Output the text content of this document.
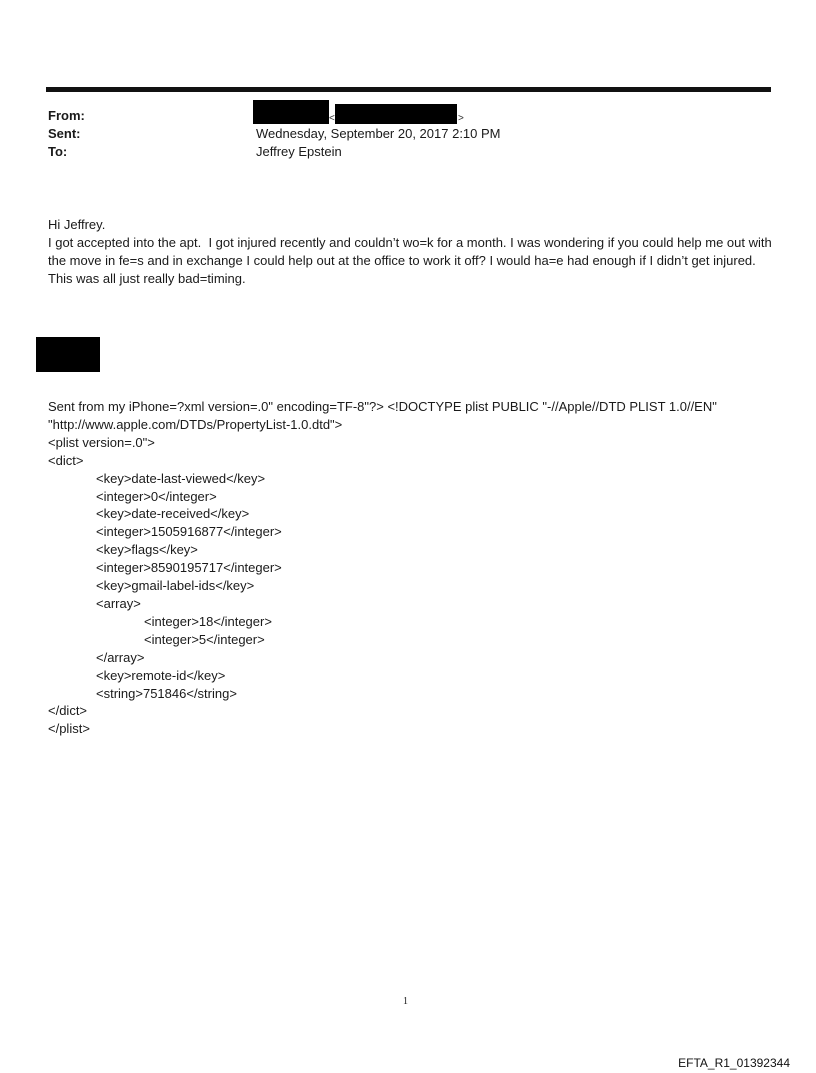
From:
Sent:
To:
<	>
Wednesday, September 20, 2017 2:10 PM
Jeffrey Epstein

Hi Jeffrey.

I got accepted into the apt.  I got injured recently and couldn’t wo=k for a month. I was wondering if you could help me out with the move in fe=s and in exchange I could help out at the office to work it off? I would ha=e had enough if I didn’t get injured.  This was all just really bad=timing.

Sent from my iPhone=?xml version=.0" encoding=TF-8"?> <!DOCTYPE plist PUBLIC "-//Apple//DTD PLIST 1.0//EN"
"http://www.apple.com/DTDs/PropertyList-1.0.dtd">
<plist version=.0">
<dict>
<key>date-last-viewed</key>
<integer>0</integer>
<key>date-received</key>
<integer>1505916877</integer>
<key>flags</key>
<integer>8590195717</integer>
<key>gmail-label-ids</key>
<array>
<integer>18</integer>
<integer>5</integer>
</array>
<key>remote-id</key>
<string>751846</string>
</dict>
</plist>
1
EFTA_R1_01392344
